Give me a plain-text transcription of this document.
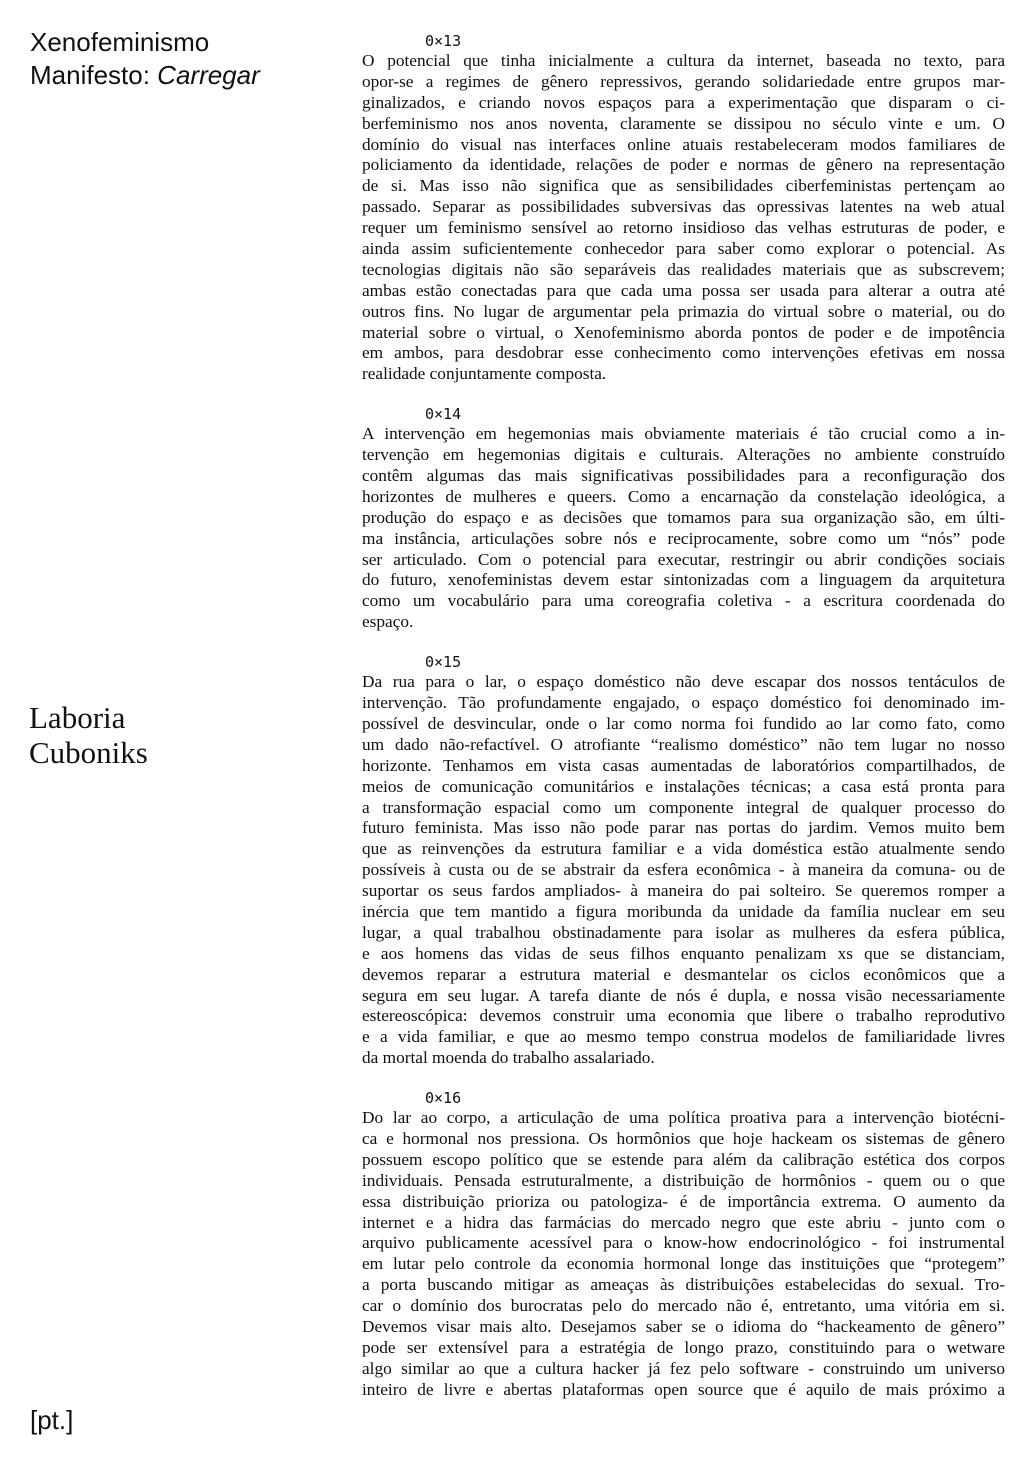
Xenofeminismo
Manifesto: Carregar
Laboria
Cuboniks
[pt.]
0×13
O potencial que tinha inicialmente a cultura da internet, baseada no texto, para
opor-se a regimes de gênero repressivos, gerando solidariedade entre grupos mar-
ginalizados, e criando novos espaços para a experimentação que disparam o ci-
berfeminismo nos anos noventa, claramente se dissipou no século vinte e um. O
domínio do visual nas interfaces online atuais restabeleceram modos familiares de
policiamento da identidade, relações de poder e normas de gênero na representação
de si. Mas isso não significa que as sensibilidades ciberfeministas pertençam ao
passado. Separar as possibilidades subversivas das opressivas latentes na web atual
requer um feminismo sensível ao retorno insidioso das velhas estruturas de poder, e
ainda assim suficientemente conhecedor para saber como explorar o potencial. As
tecnologias digitais não são separáveis das realidades materiais que as subscrevem;
ambas estão conectadas para que cada uma possa ser usada para alterar a outra até
outros fins. No lugar de argumentar pela primazia do virtual sobre o material, ou do
material sobre o virtual, o Xenofeminismo aborda pontos de poder e de impotência
em ambos, para desdobrar esse conhecimento como intervenções efetivas em nossa
realidade conjuntamente composta.
0×14
A intervenção em hegemonias mais obviamente materiais é tão crucial como a in-
tervenção em hegemonias digitais e culturais. Alterações no ambiente construído
contêm algumas das mais significativas possibilidades para a reconfiguração dos
horizontes de mulheres e queers. Como a encarnação da constelação ideológica, a
produção do espaço e as decisões que tomamos para sua organização são, em últi-
ma instância, articulações sobre nós e reciprocamente, sobre como um “nós” pode
ser articulado. Com o potencial para executar, restringir ou abrir condições sociais
do futuro, xenofeministas devem estar sintonizadas com a linguagem da arquitetura
como um vocabulário para uma coreografia coletiva - a escritura coordenada do
espaço.
0×15
Da rua para o lar, o espaço doméstico não deve escapar dos nossos tentáculos de
intervenção. Tão profundamente engajado, o espaço doméstico foi denominado im-
possível de desvincular, onde o lar como norma foi fundido ao lar como fato, como
um dado não-refactível. O atrofiante “realismo doméstico” não tem lugar no nosso
horizonte. Tenhamos em vista casas aumentadas de laboratórios compartilhados, de
meios de comunicação comunitários e instalações técnicas; a casa está pronta para
a transformação espacial como um componente integral de qualquer processo do
futuro feminista. Mas isso não pode parar nas portas do jardim. Vemos muito bem
que as reinvenções da estrutura familiar e a vida doméstica estão atualmente sendo
possíveis à custa ou de se abstrair da esfera econômica - à maneira da comuna- ou de
suportar os seus fardos ampliados- à maneira do pai solteiro. Se queremos romper a
inércia que tem mantido a figura moribunda da unidade da família nuclear em seu
lugar, a qual trabalhou obstinadamente para isolar as mulheres da esfera pública,
e aos homens das vidas de seus filhos enquanto penalizam xs que se distanciam,
devemos reparar a estrutura material e desmantelar os ciclos econômicos que a
segura em seu lugar. A tarefa diante de nós é dupla, e nossa visão necessariamente
estereoscópica: devemos construir uma economia que libere o trabalho reprodutivo
e a vida familiar, e que ao mesmo tempo construa modelos de familiaridade livres
da mortal moenda do trabalho assalariado.
0×16
Do lar ao corpo, a articulação de uma política proativa para a intervenção biotécni-
ca e hormonal nos pressiona. Os hormônios que hoje hackeam os sistemas de gênero
possuem escopo político que se estende para além da calibração estética dos corpos
individuais. Pensada estruturalmente, a distribuição de hormônios - quem ou o que
essa distribuição prioriza ou patologiza- é de importância extrema. O aumento da
internet e a hidra das farmácias do mercado negro que este abriu - junto com o
arquivo publicamente acessível para o know-how endocrinológico - foi instrumental
em lutar pelo controle da economia hormonal longe das instituições que “protegem”
a porta buscando mitigar as ameaças às distribuições estabelecidas do sexual. Tro-
car o domínio dos burocratas pelo do mercado não é, entretanto, uma vitória em si.
Devemos visar mais alto. Desejamos saber se o idioma do “hackeamento de gênero”
pode ser extensível para a estratégia de longo prazo, constituindo para o wetware
algo similar ao que a cultura hacker já fez pelo software - construindo um universo
inteiro de livre e abertas plataformas open source que é aquilo de mais próximo a
